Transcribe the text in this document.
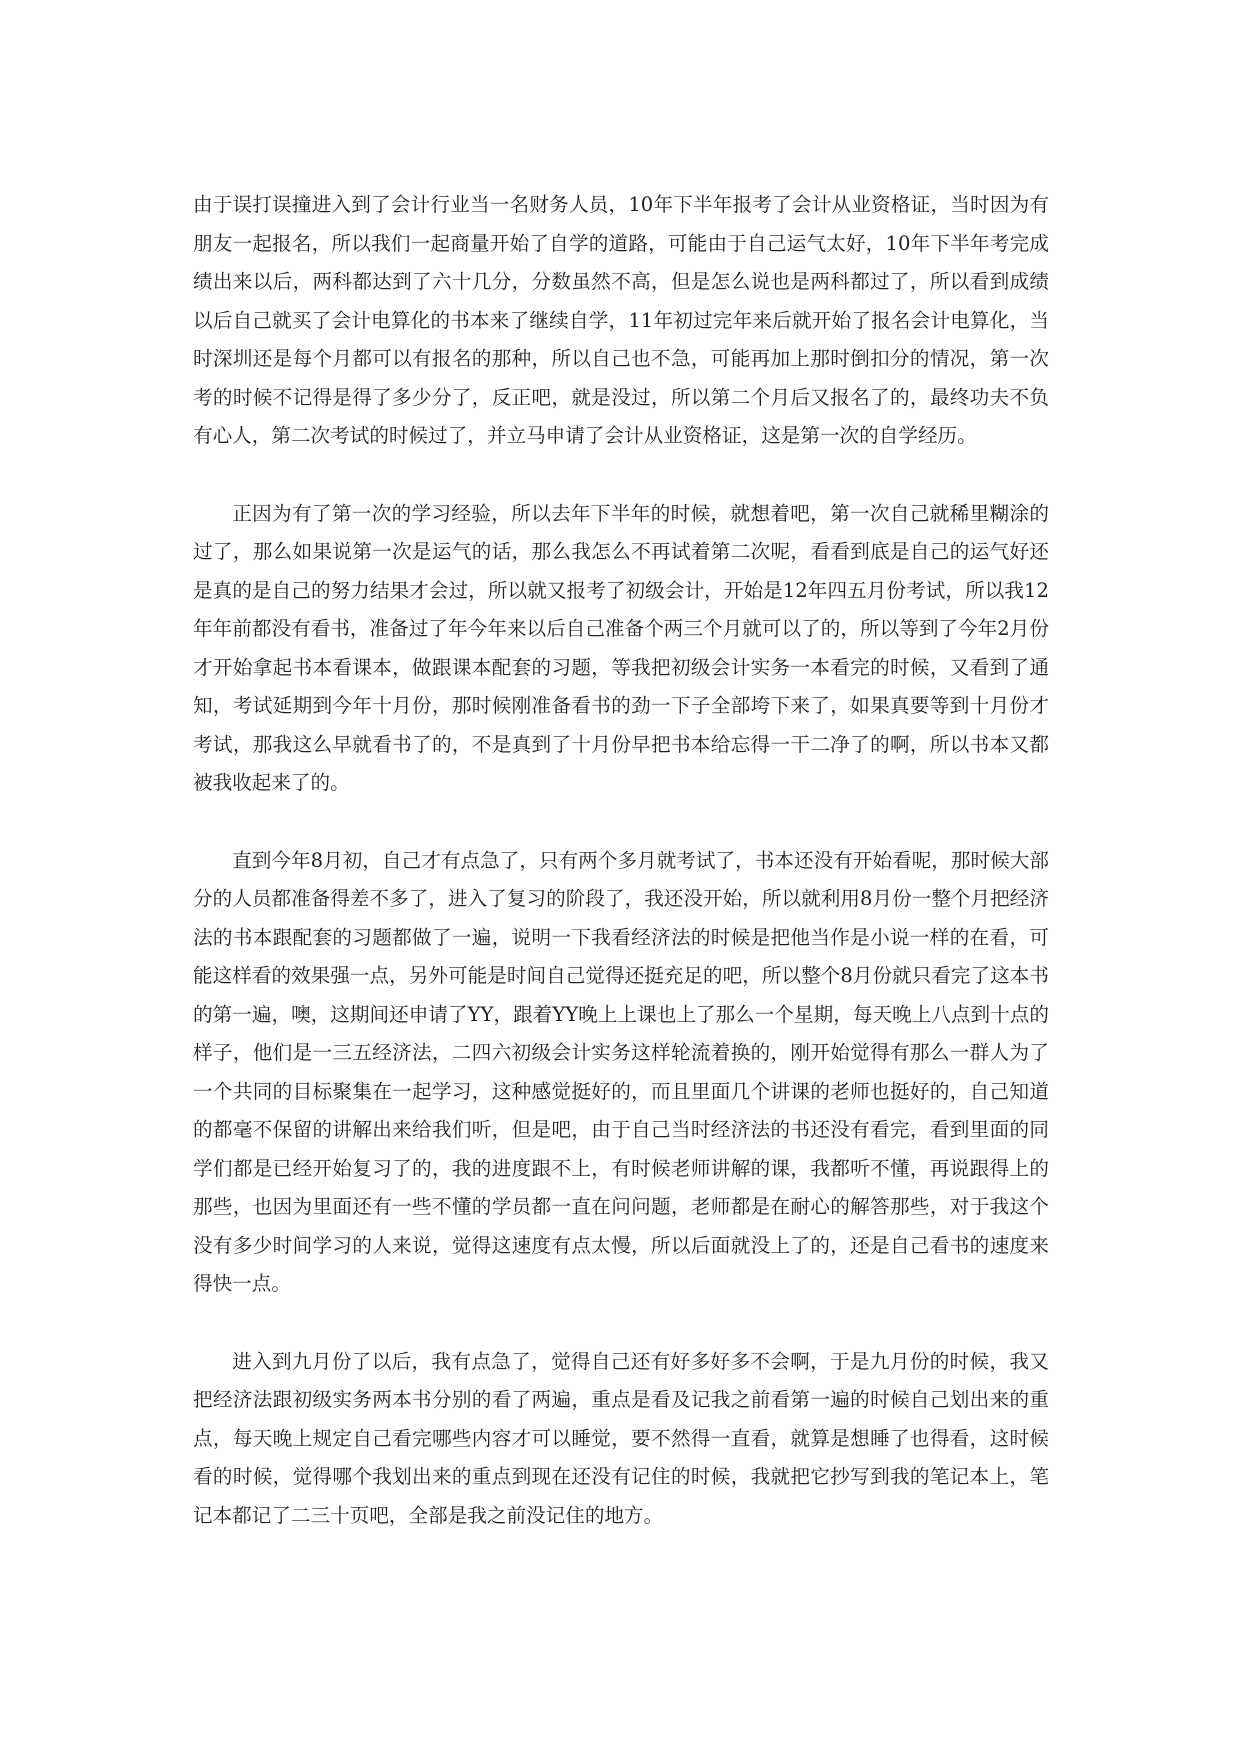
由于误打误撞进入到了会计行业当一名财务人员，10年下半年报考了会计从业资格证，当时因为有朋友一起报名，所以我们一起商量开始了自学的道路，可能由于自己运气太好，10年下半年考完成绩出来以后，两科都达到了六十几分，分数虽然不高，但是怎么说也是两科都过了，所以看到成绩以后自己就买了会计电算化的书本来了继续自学，11年初过完年来后就开始了报名会计电算化，当时深圳还是每个月都可以有报名的那种，所以自己也不急，可能再加上那时倒扣分的情况，第一次考的时候不记得是得了多少分了，反正吧，就是没过，所以第二个月后又报名了的，最终功夫不负有心人，第二次考试的时候过了，并立马申请了会计从业资格证，这是第一次的自学经历。

正因为有了第一次的学习经验，所以去年下半年的时候，就想着吧，第一次自己就稀里糊涂的过了，那么如果说第一次是运气的话，那么我怎么不再试着第二次呢，看看到底是自己的运气好还是真的是自己的努力结果才会过，所以就又报考了初级会计，开始是12年四五月份考试，所以我12年年前都没有看书，准备过了年今年来以后自己准备个两三个月就可以了的，所以等到了今年2月份才开始拿起书本看课本，做跟课本配套的习题，等我把初级会计实务一本看完的时候，又看到了通知，考试延期到今年十月份，那时候刚准备看书的劲一下子全部垮下来了，如果真要等到十月份才考试，那我这么早就看书了的，不是真到了十月份早把书本给忘得一干二净了的啊，所以书本又都被我收起来了的。

直到今年8月初，自己才有点急了，只有两个多月就考试了，书本还没有开始看呢，那时候大部分的人员都准备得差不多了，进入了复习的阶段了，我还没开始，所以就利用8月份一整个月把经济法的书本跟配套的习题都做了一遍，说明一下我看经济法的时候是把他当作是小说一样的在看，可能这样看的效果强一点，另外可能是时间自己觉得还挺充足的吧，所以整个8月份就只看完了这本书的第一遍，噢，这期间还申请了YY，跟着YY晚上上课也上了那么一个星期，每天晚上八点到十点的样子，他们是一三五经济法，二四六初级会计实务这样轮流着换的，刚开始觉得有那么一群人为了一个共同的目标聚集在一起学习，这种感觉挺好的，而且里面几个讲课的老师也挺好的，自己知道的都毫不保留的讲解出来给我们听，但是吧，由于自己当时经济法的书还没有看完，看到里面的同学们都是已经开始复习了的，我的进度跟不上，有时候老师讲解的课，我都听不懂，再说跟得上的那些，也因为里面还有一些不懂的学员都一直在问问题，老师都是在耐心的解答那些，对于我这个没有多少时间学习的人来说，觉得这速度有点太慢，所以后面就没上了的，还是自己看书的速度来得快一点。

进入到九月份了以后，我有点急了，觉得自己还有好多好多不会啊，于是九月份的时候，我又把经济法跟初级实务两本书分别的看了两遍，重点是看及记我之前看第一遍的时候自己划出来的重点，每天晚上规定自己看完哪些内容才可以睡觉，要不然得一直看，就算是想睡了也得看，这时候看的时候，觉得哪个我划出来的重点到现在还没有记住的时候，我就把它抄写到我的笔记本上，笔记本都记了二三十页吧，全部是我之前没记住的地方。
